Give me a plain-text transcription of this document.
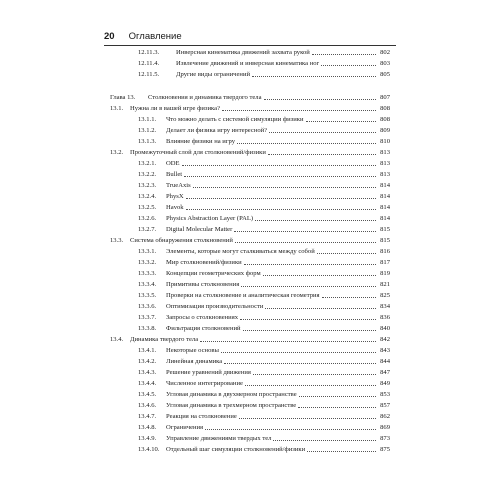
20 Оглавление
12.11.3.	Инверсная кинематика движений захвата рукой	802
12.11.4.	Извлечение движений и инверсная кинематика ног	803
12.11.5.	Другие виды ограничений	805
Глава 13. Столкновения и динамика твердого тела	807
13.1. Нужна ли в вашей игре физика?	808
13.1.1. Что можно делать с системой симуляции физики	808
13.1.2. Делает ли физика игру интересной?	809
13.1.3. Влияние физики на игру	810
13.2. Промежуточный слой для столкновений/физики	813
13.2.1. ODE	813
13.2.2. Bullet	813
13.2.3. TrueAxis	814
13.2.4. PhysX	814
13.2.5. Havok	814
13.2.6. Physics Abstraction Layer (PAL)	814
13.2.7. Digital Molecular Matter	815
13.3. Система обнаружения столкновений	815
13.3.1. Элементы, которые могут сталкиваться между собой	816
13.3.2. Мир столкновений/физики	817
13.3.3. Концепции геометрических форм	819
13.3.4. Примитивы столкновения	821
13.3.5. Проверки на столкновение и аналитическая геометрия	825
13.3.6. Оптимизация производительности	834
13.3.7. Запросы о столкновениях	836
13.3.8. Фильтрация столкновений	840
13.4. Динамика твердого тела	842
13.4.1. Некоторые основы	843
13.4.2. Линейная динамика	844
13.4.3. Решение уравнений движения	847
13.4.4. Численное интегрирование	849
13.4.5. Угловая динамика в двухмерном пространстве	853
13.4.6. Угловая динамика в трехмерном пространстве	857
13.4.7. Реакция на столкновение	862
13.4.8. Ограничения	869
13.4.9. Управление движениями твердых тел	873
13.4.10. Отдельный шаг симуляции столкновений/физики	875
